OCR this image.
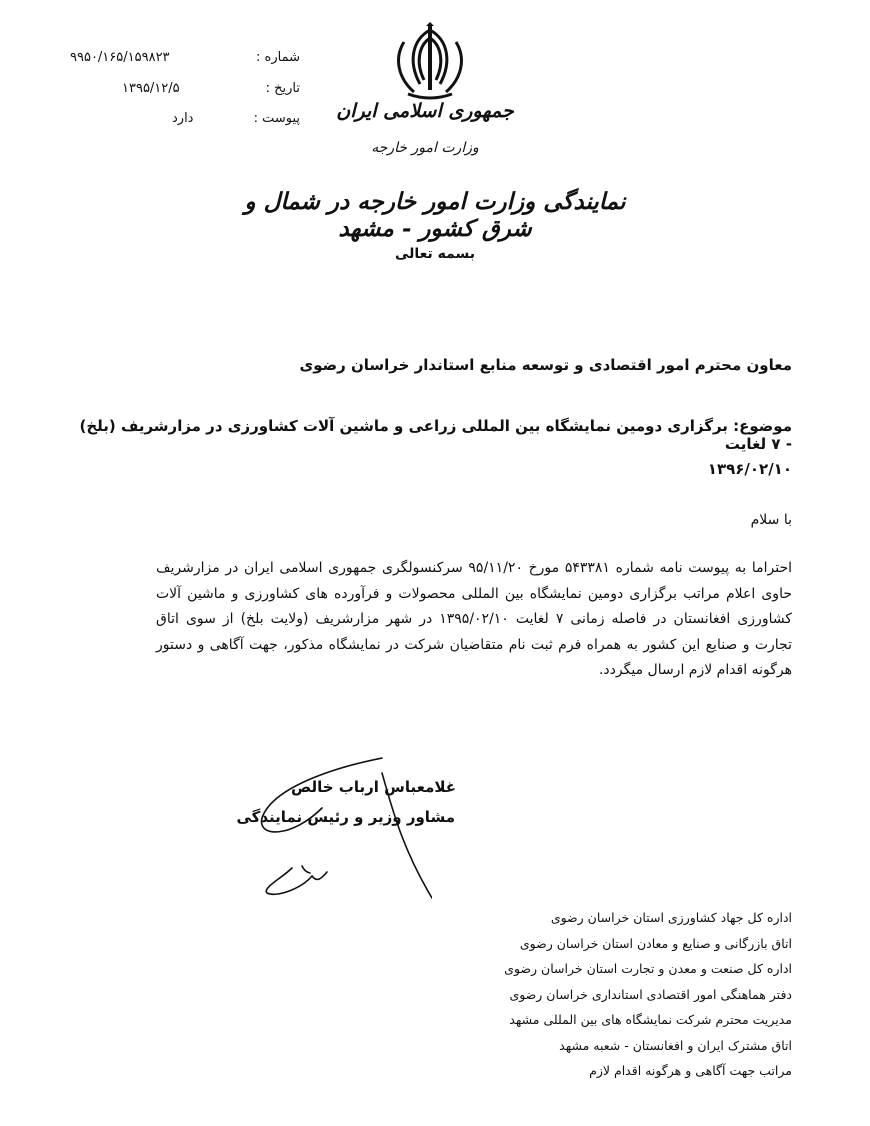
شماره :
۹۹۵۰/۱۶۵/۱۵۹۸۲۳
تاریخ :
۱۳۹۵/۱۲/۵
پیوست :
دارد	جمهوری اسلامی ایران
وزارت امور خارجه
نمایندگی وزارت امور خارجه در شمال و شرق کشور - مشهد
بسمه تعالی
معاون محترم امور اقتصادی و توسعه منابع استاندار خراسان رضوی
موضوع: برگزاری دومین نمایشگاه بین المللی زراعی و ماشین آلات کشاورزی در مزارشریف (بلخ) - ۷ لغایت
۱۳۹۶/۰۲/۱۰
با سلام
احتراما به پیوست نامه شماره ۵۴۳۳۸۱ مورخ ۹۵/۱۱/۲۰ سرکنسولگری جمهوری اسلامی ایران در مزارشریف حاوی اعلام مراتب برگزاری دومین نمایشگاه بین المللی محصولات و فرآورده های کشاورزی و ماشین آلات کشاورزی افغانستان در فاصله زمانی ۷ لغایت ۱۳۹۵/۰۲/۱۰ در شهر مزارشریف (ولایت بلخ) از سوی اتاق تجارت و صنایع این کشور به همراه فرم ثبت نام متقاضیان شرکت در نمایشگاه مذکور، جهت آگاهی و دستور هرگونه اقدام لازم ارسال میگردد.
غلامعباس ارباب خالص
مشاور وزیر و رئیس نمایندگی
اداره کل جهاد کشاورزی استان خراسان رضوی
اتاق بازرگانی و صنایع و معادن استان خراسان رضوی
اداره کل صنعت و معدن و تجارت استان خراسان رضوی
دفتر هماهنگی امور اقتصادی استانداری خراسان رضوی
مدیریت محترم شرکت نمایشگاه های بین المللی مشهد
اتاق مشترک ایران و افغانستان - شعبه مشهد
مراتب جهت آگاهی و هرگونه اقدام لازم
